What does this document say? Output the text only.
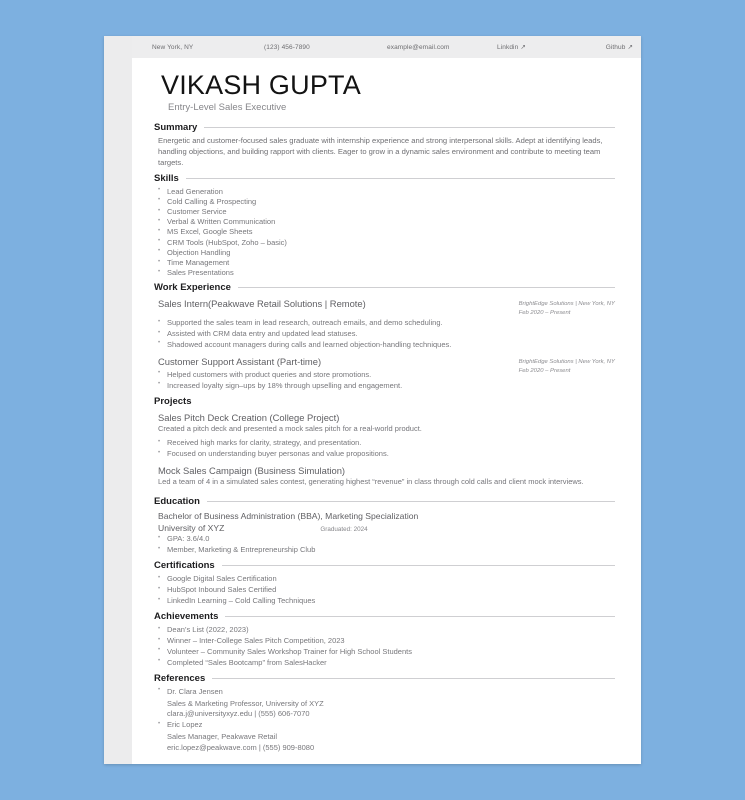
New York, NY	(123) 456-7890	example@email.com	Linkdin ↗	Github ↗
VIKASH GUPTA
Entry-Level Sales Executive
Summary

Energetic and customer-focused sales graduate with internship experience and strong interpersonal skills. Adept at identifying leads, handling objections, and building rapport with clients. Eager to grow in a dynamic sales environment and contribute to meeting team targets.

Skills
• Lead Generation
• Cold Calling & Prospecting
• Customer Service
• Verbal & Written Communication
• MS Excel, Google Sheets
• CRM Tools (HubSpot, Zoho – basic)
• Objection Handling
• Time Management
• Sales Presentations
Work Experience
Sales Intern(Peakwave Retail Solutions | Remote)	BrightEdge Solutions | New York, NY
Feb 2020 – Present
• Supported the sales team in lead research, outreach emails, and demo scheduling.
• Assisted with CRM data entry and updated lead statuses.
• Shadowed account managers during calls and learned objection-handling techniques.
Customer Support Assistant (Part-time)
• Helped customers with product queries and store promotions.
• Increased loyalty sign–ups by 18% through upselling and engagement.
BrightEdge Solutions | New York, NY
Feb 2020 – Present
Projects
Sales Pitch Deck Creation (College Project)
Created a pitch deck and presented a mock sales pitch for a real-world product.
• Received high marks for clarity, strategy, and presentation.
• Focused on understanding buyer personas and value propositions.
Mock Sales Campaign (Business Simulation)
Led a team of 4 in a simulated sales contest, generating highest “revenue” in class through cold calls and client mock interviews.
Education
Bachelor of Business Administration (BBA), Marketing Specialization
University of XYZ	Graduated: 2024
• GPA: 3.6/4.0
• Member, Marketing & Entrepreneurship Club
Certifications
• Google Digital Sales Certification
• HubSpot Inbound Sales Certified
• LinkedIn Learning – Cold Calling Techniques
Achievements
• Dean’s List (2022, 2023)
• Winner – Inter-College Sales Pitch Competition, 2023
• Volunteer – Community Sales Workshop Trainer for High School Students
• Completed “Sales Bootcamp” from SalesHacker
References
• Dr. Clara Jensen
Sales & Marketing Professor, University of XYZ
clara.j@universityxyz.edu | (555) 606-7070
• Eric Lopez
Sales Manager, Peakwave Retail
eric.lopez@peakwave.com | (555) 909-8080
